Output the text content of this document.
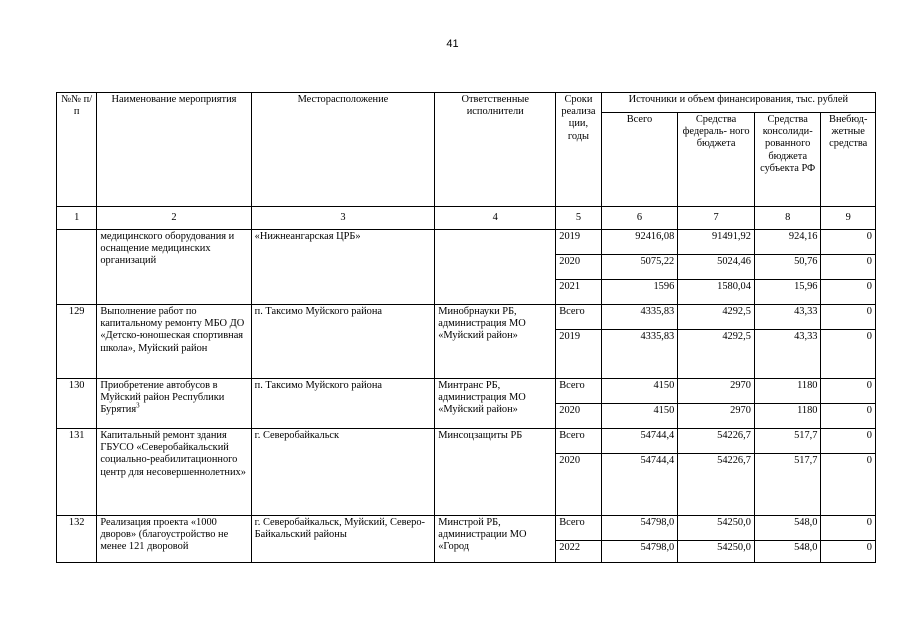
41
№№ п/п	Наименование мероприятия	Месторасположение	Ответственные исполнители	Сроки реализа ции, годы	Источники и объем финансирования, тыс. рублей			
					Всего	Средства федераль- ного бюджета	Средства консолиди- рованного бюджета субъекта РФ	Внебюд- жетные средства
1	2	3	4	5	6	7	8	9
	медицинского оборудования и оснащение медицинских организаций	«Нижнеангарская ЦРБ»		2019	92416,08	91491,92	924,16	0
				2020	5075,22	5024,46	50,76	0
				2021	1596	1580,04	15,96	0
129	Выполнение работ по капитальному ремонту МБО ДО «Детско-юношеская спортивная школа», Муйский район	п. Таксимо Муйского района	Минобрнауки РБ, администрация МО «Муйский район»	Всего	4335,83	4292,5	43,33	0
				2019	4335,83	4292,5	43,33	0
130	Приобретение автобусов в Муйский район Республики Бурятия$^3$	п. Таксимо Муйского района	Минтранс РБ, администрация МО «Муйский район»	Всего	4150	2970	1180	0
				2020	4150	2970	1180	0
131	Капитальный ремонт здания ГБУСО «Северобайкальский социально-реабилитационного центр для несовершеннолетних»	г. Северобайкальск	Минсоцзащиты РБ	Всего	54744,4	54226,7	517,7	0
				2020	54744,4	54226,7	517,7	0
132	Реализация проекта «1000 дворов» (благоустройство не менее 121 дворовой	г. Северобайкальск, Муйский, Северо-Байкальский районы	Минстрой РБ, администрации МО «Город	Всего	54798,0	54250,0	548,0	0
				2022	54798,0	54250,0	548,0	0
